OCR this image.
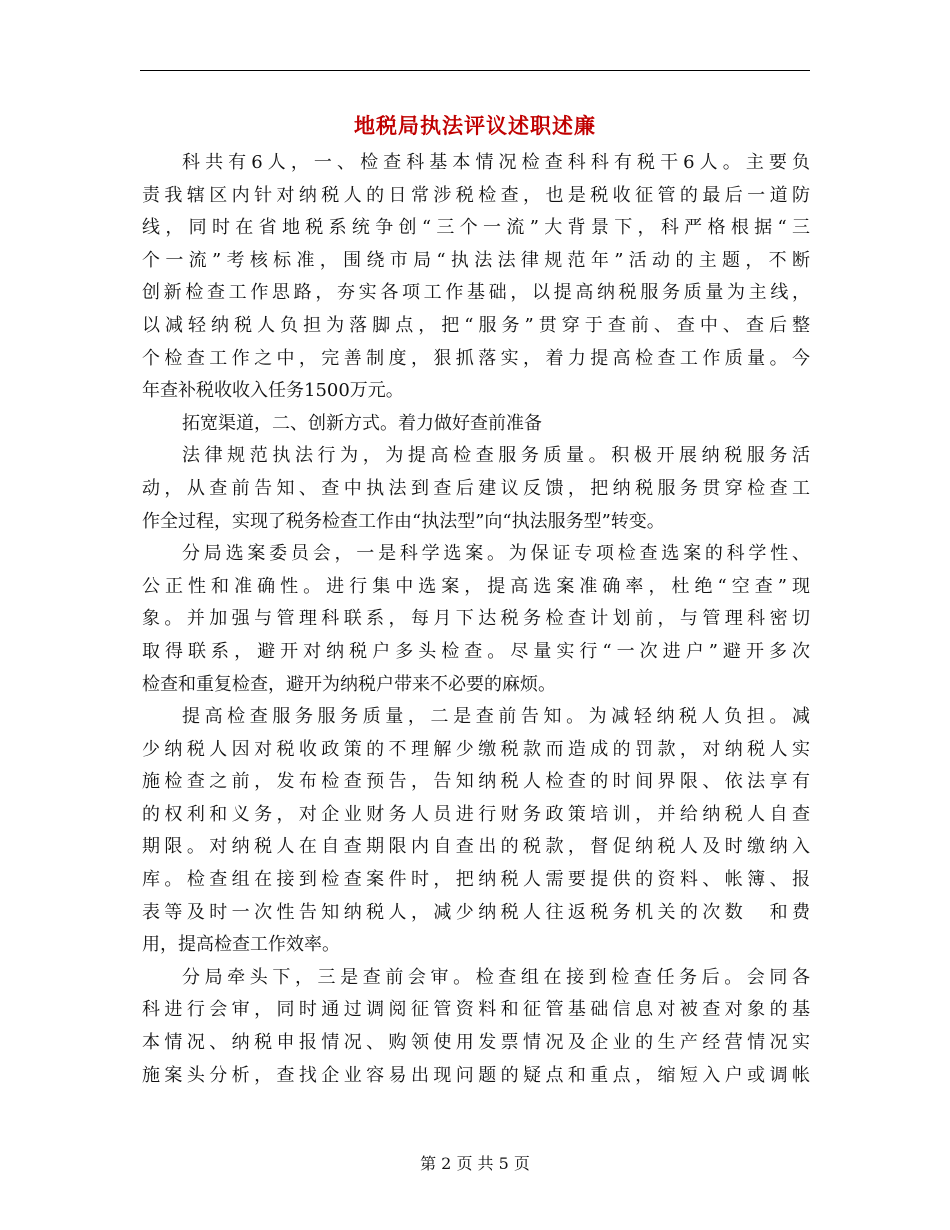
地税局执法评议述职述廉
科共有6人，一、检查科基本情况检查科科有税干6人。主要负
责我辖区内针对纳税人的日常涉税检查，也是税收征管的最后一道防
线，同时在省地税系统争创“三个一流”大背景下，科严格根据“三
个一流”考核标准，围绕市局“执法法律规范年”活动的主题，不断
创新检查工作思路，夯实各项工作基础，以提高纳税服务质量为主线，
以减轻纳税人负担为落脚点，把“服务”贯穿于查前、查中、查后整
个检查工作之中，完善制度，狠抓落实，着力提高检查工作质量。今
年查补税收收入任务1500万元。
拓宽渠道，二、创新方式。着力做好查前准备
法律规范执法行为，为提高检查服务质量。积极开展纳税服务活
动，从查前告知、查中执法到查后建议反馈，把纳税服务贯穿检查工
作全过程，实现了税务检查工作由“执法型”向“执法服务型”转变。
分局选案委员会，一是科学选案。为保证专项检查选案的科学性、
公正性和准确性。进行集中选案，提高选案准确率，杜绝“空查”现
象。并加强与管理科联系，每月下达税务检查计划前，与管理科密切
取得联系，避开对纳税户多头检查。尽量实行“一次进户”避开多次
检查和重复检查，避开为纳税户带来不必要的麻烦。
提高检查服务服务质量，二是查前告知。为减轻纳税人负担。减
少纳税人因对税收政策的不理解少缴税款而造成的罚款，对纳税人实
施检查之前，发布检查预告，告知纳税人检查的时间界限、依法享有
的权利和义务，对企业财务人员进行财务政策培训，并给纳税人自查
期限。对纳税人在自查期限内自查出的税款，督促纳税人及时缴纳入
库。检查组在接到检查案件时，把纳税人需要提供的资料、帐簿、报
表等及时一次性告知纳税人，减少纳税人往返税务机关的次数　和费
用，提高检查工作效率。
分局牵头下，三是查前会审。检查组在接到检查任务后。会同各
科进行会审，同时通过调阅征管资料和征管基础信息对被查对象的基
本情况、纳税申报情况、购领使用发票情况及企业的生产经营情况实
施案头分析，查找企业容易出现问题的疑点和重点，缩短入户或调帐
第 2 页 共 5 页
